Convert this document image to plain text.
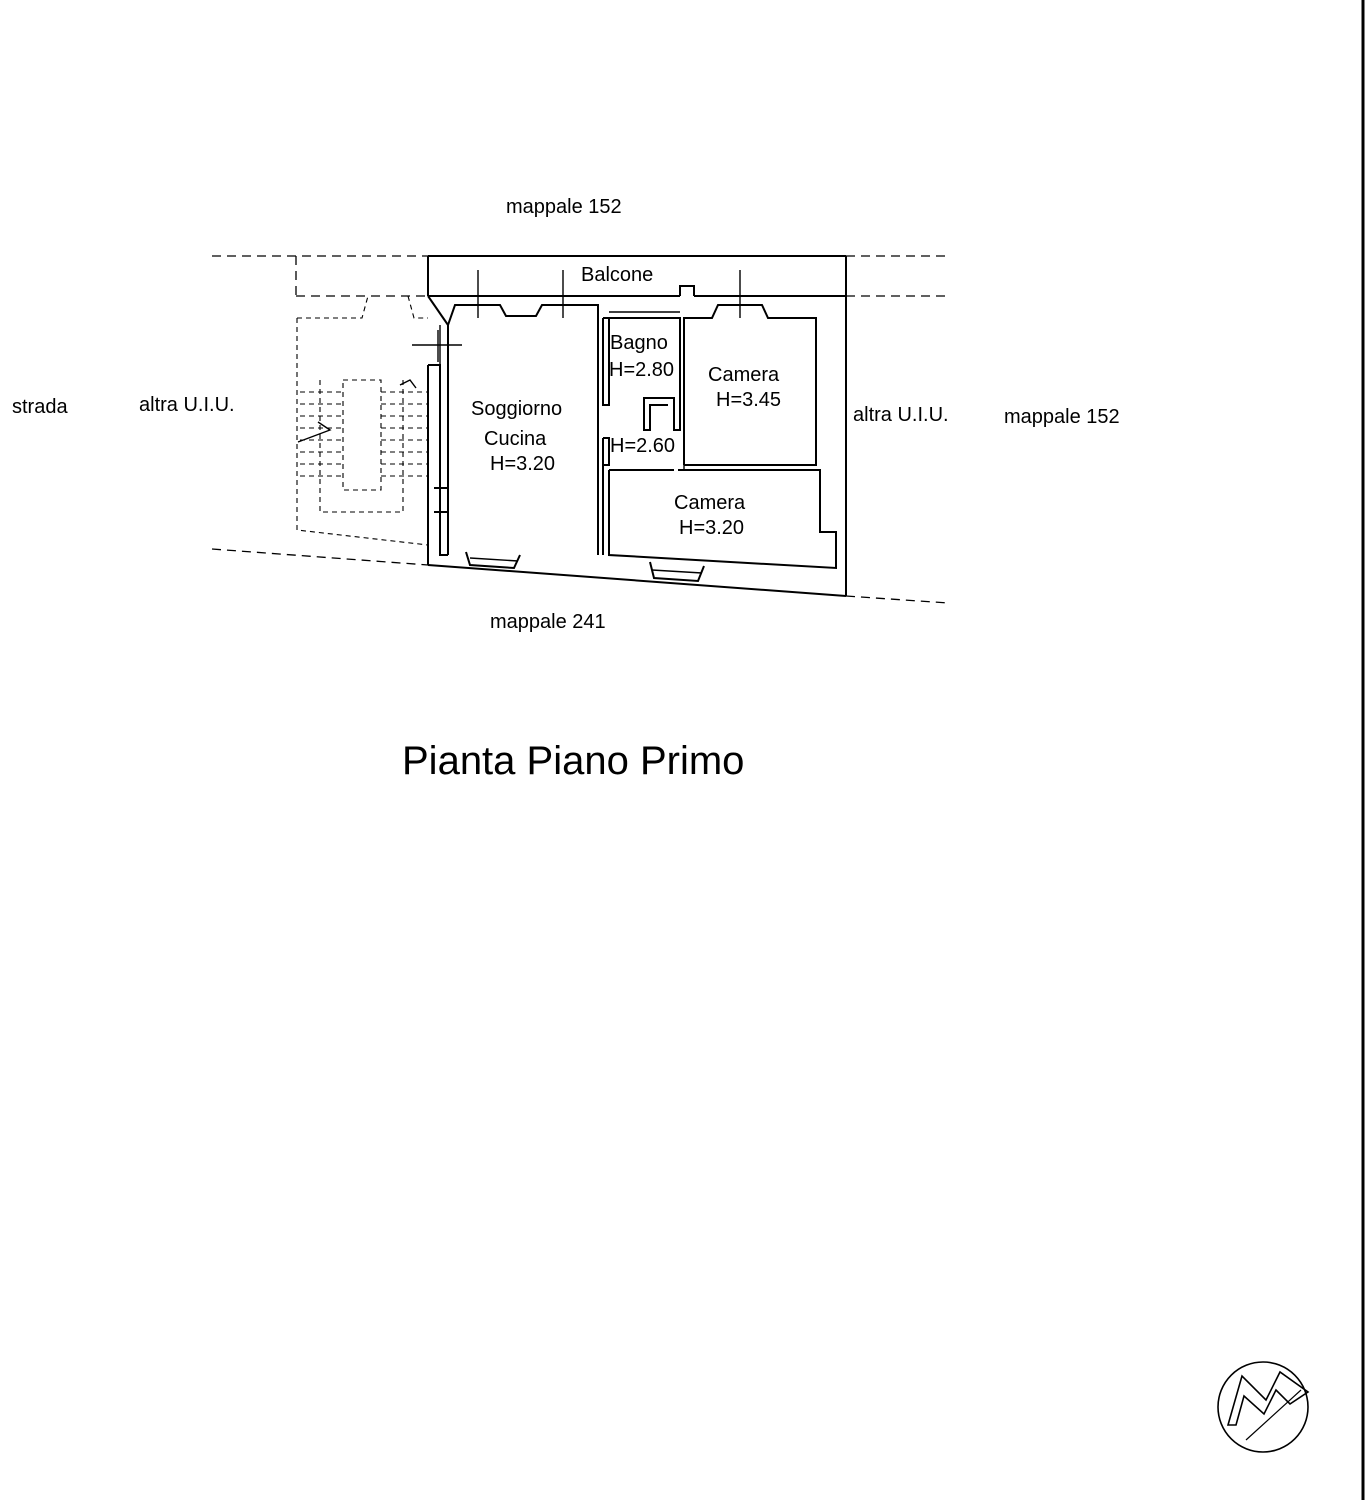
mappale 152
Balcone
strada	altra U.I.U.	altra U.I.U.	mappale 152
mappale 241
Soggiorno
Cucina
H=3.20
Bagno
H=2.80
H=2.60
Camera
H=3.45
Camera
H=3.20
Pianta Piano Primo
